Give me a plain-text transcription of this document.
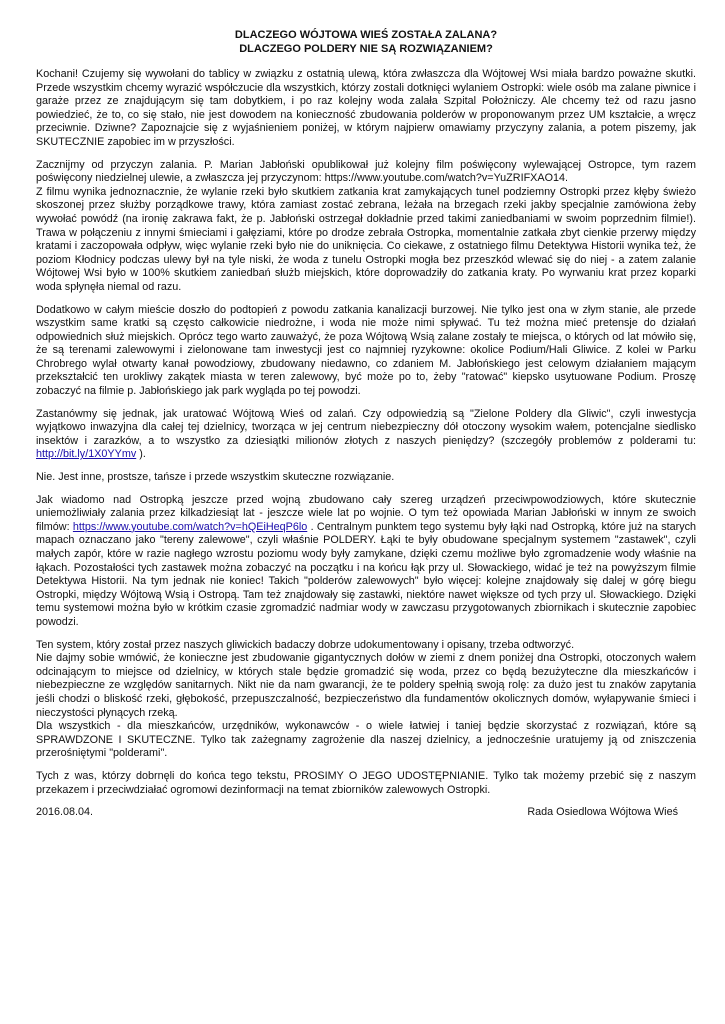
DLACZEGO WÓJTOWA WIEŚ ZOSTAŁA ZALANA?
DLACZEGO POLDERY NIE SĄ ROZWIĄZANIEM?

Kochani! Czujemy się wywołani do tablicy w związku z ostatnią ulewą, która zwłaszcza dla Wójtowej Wsi miała bardzo poważne skutki. Przede wszystkim chcemy wyrazić współczucie dla wszystkich, którzy zostali dotknięci wylaniem Ostropki: wiele osób ma zalane piwnice i garaże przez ze znajdującym się tam dobytkiem, i po raz kolejny woda zalała Szpital Położniczy. Ale chcemy też od razu jasno powiedzieć, że to, co się stało, nie jest dowodem na konieczność zbudowania polderów w proponowanym przez UM kształcie, a wręcz przeciwnie. Dziwne? Zapoznajcie się z wyjaśnieniem poniżej, w którym najpierw omawiamy przyczyny zalania, a potem piszemy, jak SKUTECZNIE zapobiec im w przyszłości.

Zacznijmy od przyczyn zalania. P. Marian Jabłoński opublikował już kolejny film poświęcony wylewającej Ostropce, tym razem poświęcony niedzielnej ulewie, a zwłaszcza jej przyczynom: https://www.youtube.com/watch?v=YuZRIFXAO14.
Z filmu wynika jednoznacznie, że wylanie rzeki było skutkiem zatkania krat zamykających tunel podziemny Ostropki przez kłęby świeżo skoszonej przez służby porządkowe trawy, która zamiast zostać zebrana, leżała na brzegach rzeki jakby specjalnie zamówiona żeby wywołać powódź (na ironię zakrawa fakt, że p. Jabłoński ostrzegał dokładnie przed takimi zaniedbaniami w swoim poprzednim filmie!). Trawa w połączeniu z innymi śmieciami i gałęziami, które po drodze zebrała Ostropka, momentalnie zatkała zbyt cienkie przerwy między kratami i zaczopowała odpływ, więc wylanie rzeki było nie do uniknięcia. Co ciekawe, z ostatniego filmu Detektywa Historii wynika też, że poziom Kłodnicy podczas ulewy był na tyle niski, że woda z tunelu Ostropki mogła bez przeszkód wlewać się do niej - a zatem zalanie Wójtowej Wsi było w 100% skutkiem zaniedbań służb miejskich, które doprowadziły do zatkania kraty. Po wyrwaniu krat przez koparki woda spłynęła niemal od razu.

Dodatkowo w całym mieście doszło do podtopień z powodu zatkania kanalizacji burzowej. Nie tylko jest ona w złym stanie, ale przede wszystkim same kratki są często całkowicie niedrożne, i woda nie może nimi spływać. Tu też można mieć pretensje do działań odpowiednich służ miejskich. Oprócz tego warto zauważyć, że poza Wójtową Wsią zalane zostały te miejsca, o których od lat mówiło się, że są terenami zalewowymi i zielonowane tam inwestycji jest co najmniej ryzykowne: okolice Podium/Hali Gliwice. Z kolei w Parku Chrobrego wylał otwarty kanał powodziowy, zbudowany niedawno, co zdaniem M. Jabłońskiego jest celowym działaniem mającym przekształcić ten urokliwy zakątek miasta w teren zalewowy, być może po to, żeby "ratować" kiepsko usytuowane Podium. Proszę zobaczyć na filmie p. Jabłońskiego jak park wygląda po tej powodzi.

Zastanówmy się jednak, jak uratować Wójtową Wieś od zalań. Czy odpowiedzią są "Zielone Poldery dla Gliwic", czyli inwestycja wyjątkowo inwazyjna dla całej tej dzielnicy, tworząca w jej centrum niebezpieczny dół otoczony wysokim wałem, potencjalne siedlisko insektów i zarazków, a to wszystko za dziesiątki milionów złotych z naszych pieniędzy? (szczegóły problemów z polderami tu: http://bit.ly/1X0YYmv ).

Nie. Jest inne, prostsze, tańsze i przede wszystkim skuteczne rozwiązanie.

Jak wiadomo nad Ostropką jeszcze przed wojną zbudowano cały szereg urządzeń przeciwpowodziowych, które skutecznie uniemożliwiały zalania przez kilkadziesiąt lat - jeszcze wiele lat po wojnie. O tym też opowiada Marian Jabłoński w innym ze swoich filmów: https://www.youtube.com/watch?v=hQEiHeqP6lo . Centralnym punktem tego systemu były łąki nad Ostropką, które już na starych mapach oznaczano jako "tereny zalewowe", czyli właśnie POLDERY. Łąki te były obudowane specjalnym systemem "zastawek", czyli małych zapór, które w razie nagłego wzrostu poziomu wody były zamykane, dzięki czemu możliwe było zgromadzenie wody właśnie na łąkach. Pozostałości tych zastawek można zobaczyć na początku i na końcu łąk przy ul. Słowackiego, widać je też na powyższym filmie Detektywa Historii. Na tym jednak nie koniec! Takich "polderów zalewowych" było więcej: kolejne znajdowały się dalej w górę biegu Ostropki, między Wójtową Wsią i Ostropą. Tam też znajdowały się zastawki, niektóre nawet większe od tych przy ul. Słowackiego. Dzięki temu systemowi można było w krótkim czasie zgromadzić nadmiar wody w zawczasu przygotowanych zbiornikach i skutecznie zapobiec powodzi.

Ten system, który został przez naszych gliwickich badaczy dobrze udokumentowany i opisany, trzeba odtworzyć.
Nie dajmy sobie wmówić, że konieczne jest zbudowanie gigantycznych dołów w ziemi z dnem poniżej dna Ostropki, otoczonych wałem odcinającym to miejsce od dzielnicy, w których stale będzie gromadzić się woda, przez co będą bezużyteczne dla mieszkańców i niebezpieczne ze względów sanitarnych. Nikt nie da nam gwarancji, że te poldery spełnią swoją rolę: za dużo jest tu znaków zapytania jeśli chodzi o bliskość rzeki, głębokość, przepuszczalność, bezpieczeństwo dla fundamentów okolicznych domów, wyłapywanie śmieci i nieczystości płynących rzeką.
Dla wszystkich - dla mieszkańców, urzędników, wykonawców - o wiele łatwiej i taniej będzie skorzystać z rozwiązań, które są SPRAWDZONE I SKUTECZNE. Tylko tak zażegnamy zagrożenie dla naszej dzielnicy, a jednocześnie uratujemy ją od zniszczenia przerośniętymi "polderami".

Tych z was, którzy dobrnęli do końca tego tekstu, PROSIMY O JEGO UDOSTĘPNIANIE. Tylko tak możemy przebić się z naszym przekazem i przeciwdziałać ogromowi dezinformacji na temat zbiorników zalewowych Ostropki.

2016.08.04.	Rada Osiedlowa Wójtowa Wieś
